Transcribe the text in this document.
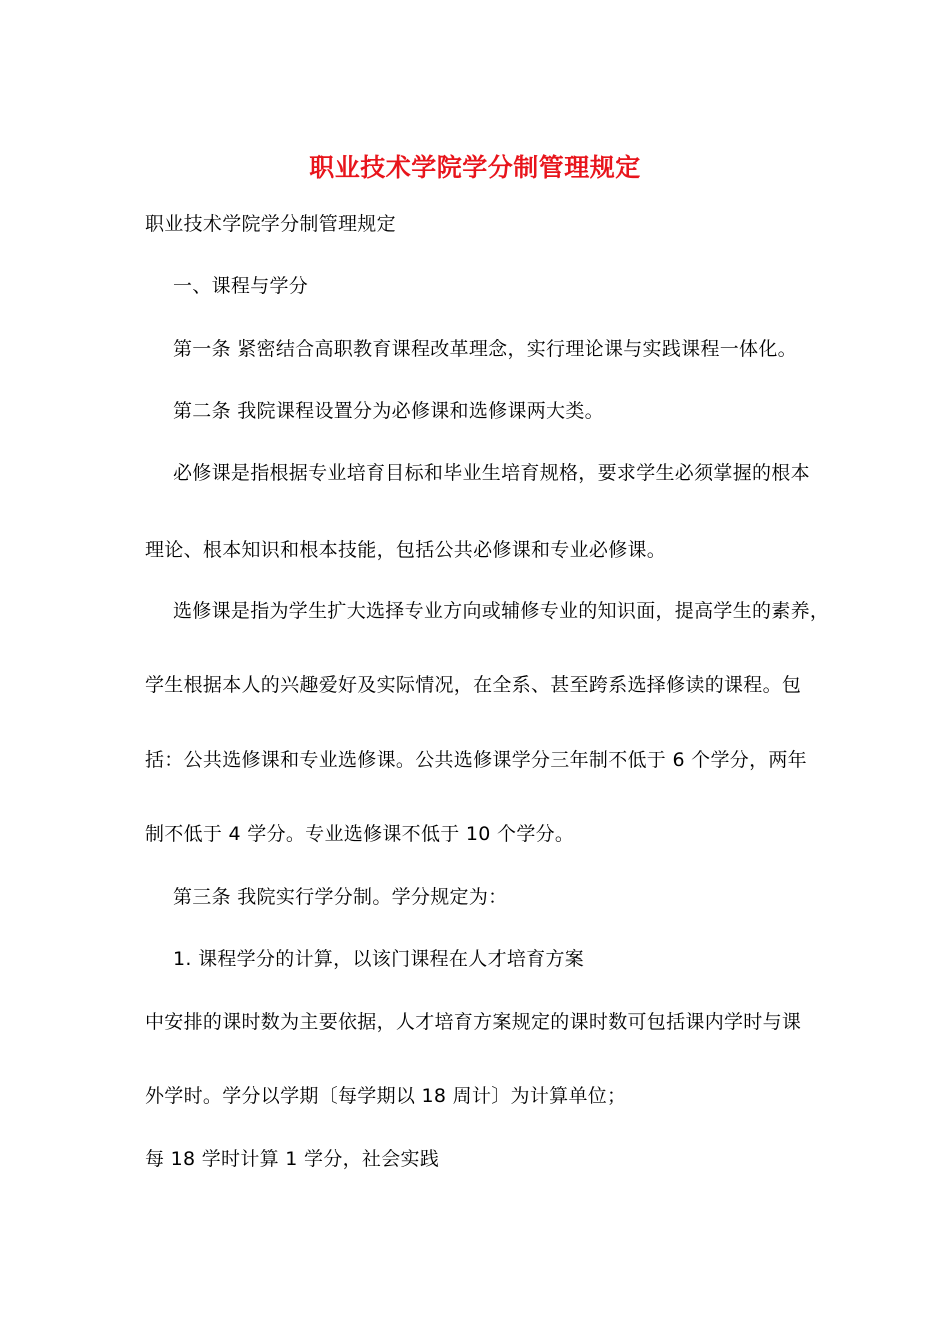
职业技术学院学分制管理规定
职业技术学院学分制管理规定
一、课程与学分
第一条 紧密结合高职教育课程改革理念，实行理论课与实践课程一体化。
第二条 我院课程设置分为必修课和选修课两大类。
必修课是指根据专业培育目标和毕业生培育规格，要求学生必须掌握的根本
理论、根本知识和根本技能，包括公共必修课和专业必修课。
选修课是指为学生扩大选择专业方向或辅修专业的知识面，提高学生的素养，
学生根据本人的兴趣爱好及实际情况，在全系、甚至跨系选择修读的课程。包
括：公共选修课和专业选修课。公共选修课学分三年制不低于 6 个学分，两年
制不低于 4 学分。专业选修课不低于 10 个学分。
第三条 我院实行学分制。学分规定为：
1. 课程学分的计算，以该门课程在人才培育方案
中安排的课时数为主要依据，人才培育方案规定的课时数可包括课内学时与课
外学时。学分以学期〔每学期以 18 周计〕为计算单位；
每 18 学时计算 1 学分，社会实践
